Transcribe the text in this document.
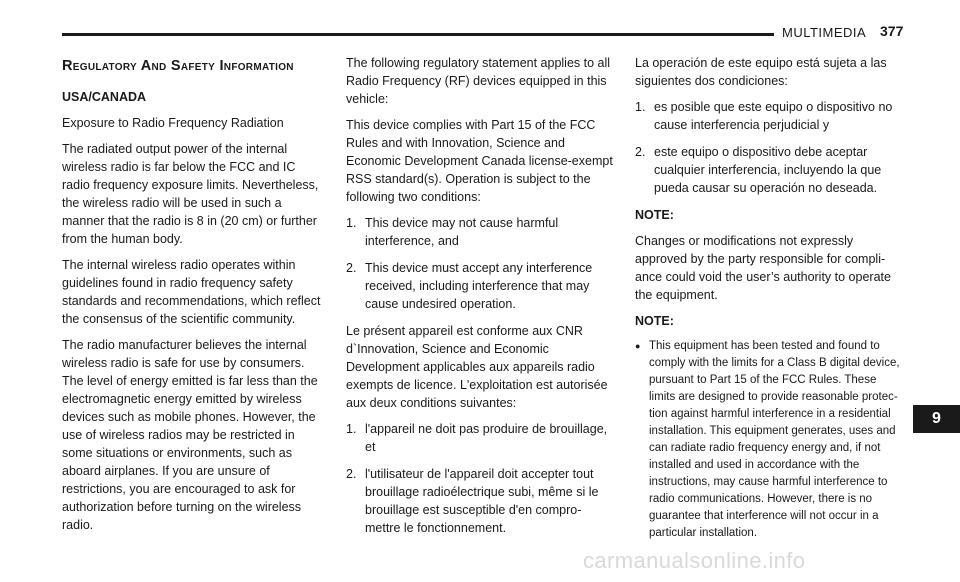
MULTIMEDIA 377
9
Regulatory And Safety Information

USA/CANADA

Exposure to Radio Frequency Radiation

The radiated output power of the internal wireless radio is far below the FCC and IC radio frequency exposure limits. Nevertheless, the wireless radio will be used in such a manner that the radio is 8 in (20 cm) or further from the human body.

The internal wireless radio operates within guidelines found in radio frequency safety standards and recommendations, which reflect the consensus of the scientific community.

The radio manufacturer believes the internal wireless radio is safe for use by consumers. The level of energy emitted is far less than the electromagnetic energy emitted by wireless devices such as mobile phones. However, the use of wireless radios may be restricted in some situations or environments, such as aboard airplanes. If you are unsure of restrictions, you are encouraged to ask for authorization before turning on the wireless radio.

The following regulatory statement applies to all Radio Frequency (RF) devices equipped in this vehicle:

This device complies with Part 15 of the FCC Rules and with Innovation, Science and Economic Development Canada license-exempt RSS standard(s). Operation is subject to the following two conditions:

1. This device may not cause harmful interference, and
2. This device must accept any interference received, including interference that may cause undesired operation.

Le présent appareil est conforme aux CNR d`Innovation, Science and Economic Development applicables aux appareils radio exempts de licence. L'exploitation est autorisée aux deux conditions suivantes:

1. l'appareil ne doit pas produire de brouillage, et
2. l'utilisateur de l'appareil doit accepter tout brouillage radioélectrique subi, même si le brouillage est susceptible d'en compro- mettre le fonctionnement.

La operación de este equipo está sujeta a las siguientes dos condiciones:

1. es posible que este equipo o dispositivo no cause interferencia perjudicial y
2. este equipo o dispositivo debe aceptar cualquier interferencia, incluyendo la que pueda causar su operación no deseada.

NOTE:

Changes or modifications not expressly approved by the party responsible for compli- ance could void the user’s authority to operate the equipment.

NOTE:

● This equipment has been tested and found to comply with the limits for a Class B digital device, pursuant to Part 15 of the FCC Rules. These limits are designed to provide reasonable protec- tion against harmful interference in a residential installation. This equipment generates, uses and can radiate radio frequency energy and, if not installed and used in accordance with the instructions, may cause harmful interference to radio communications. However, there is no guarantee that interference will not occur in a particular installation.
carmanualsonline.info
